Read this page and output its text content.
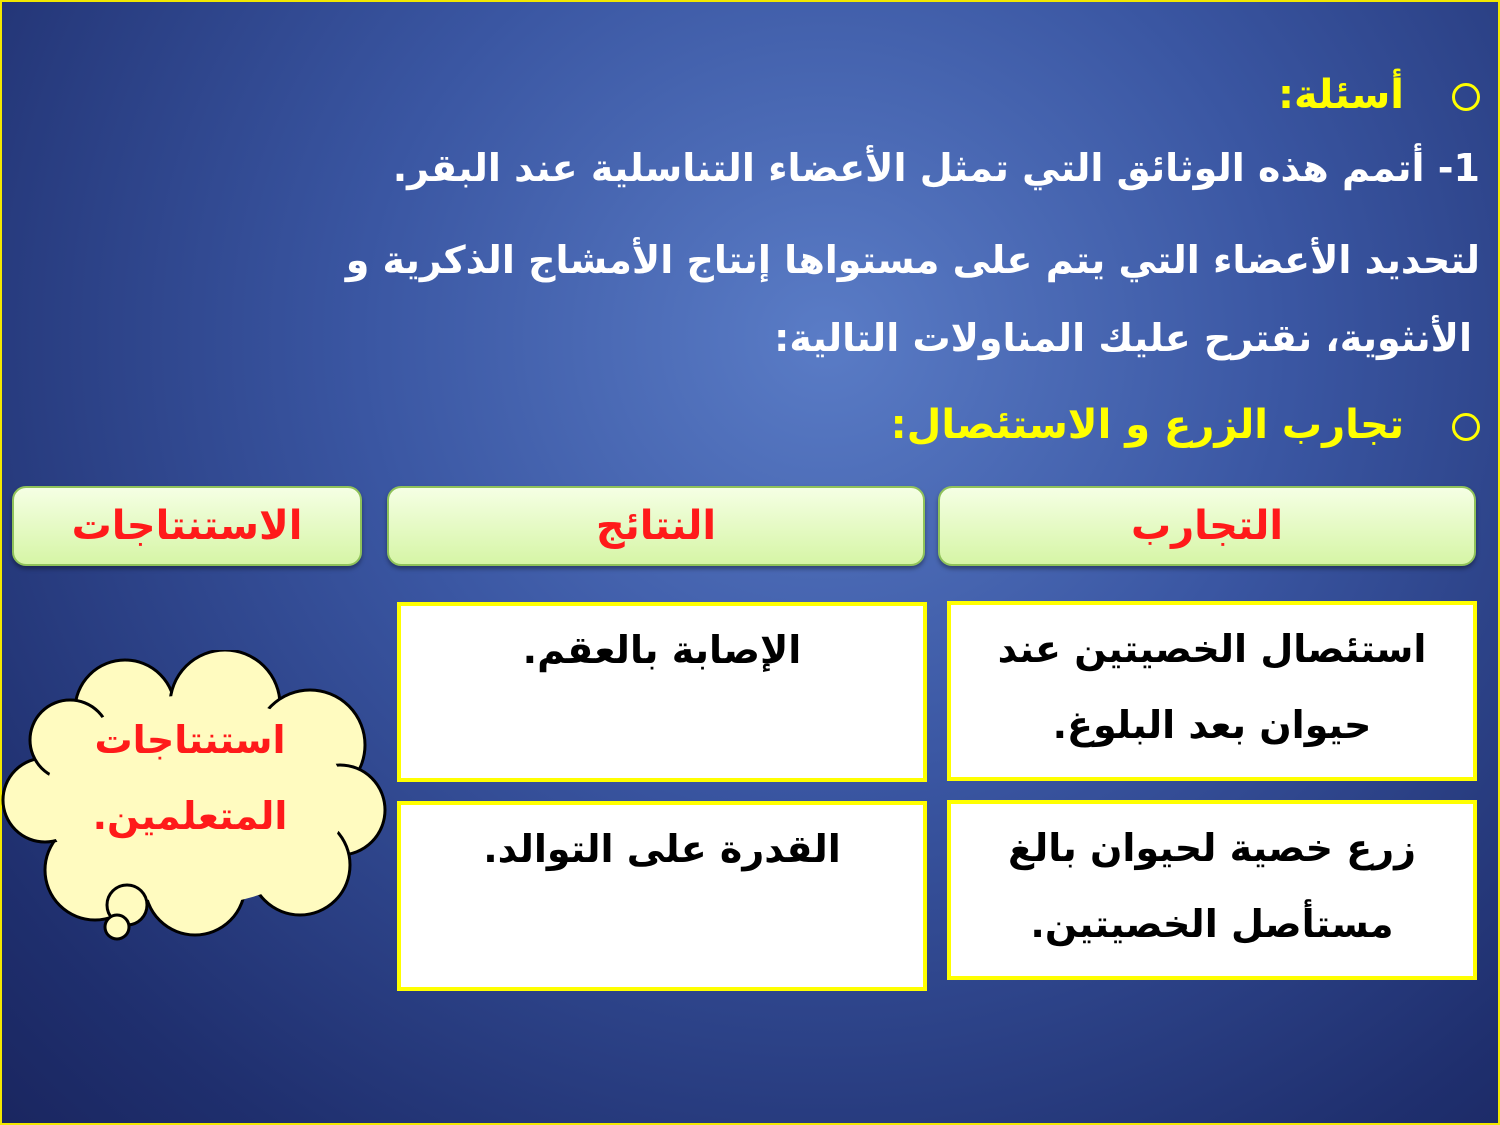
أسئلة:
1- أتمم هذه الوثائق التي تمثل الأعضاء التناسلية عند البقر.
لتحديد الأعضاء التي يتم على مستواها إنتاج الأمشاج الذكرية و
الأنثوية، نقترح عليك المناولات التالية:
تجارب الزرع و الاستئصال:
التجارب
النتائج
الاستنتاجات
استئصال الخصيتين عند
حيوان بعد البلوغ.
الإصابة بالعقم.
زرع خصية لحيوان بالغ
مستأصل الخصيتين.
القدرة على التوالد.
استنتاجات
المتعلمين.
